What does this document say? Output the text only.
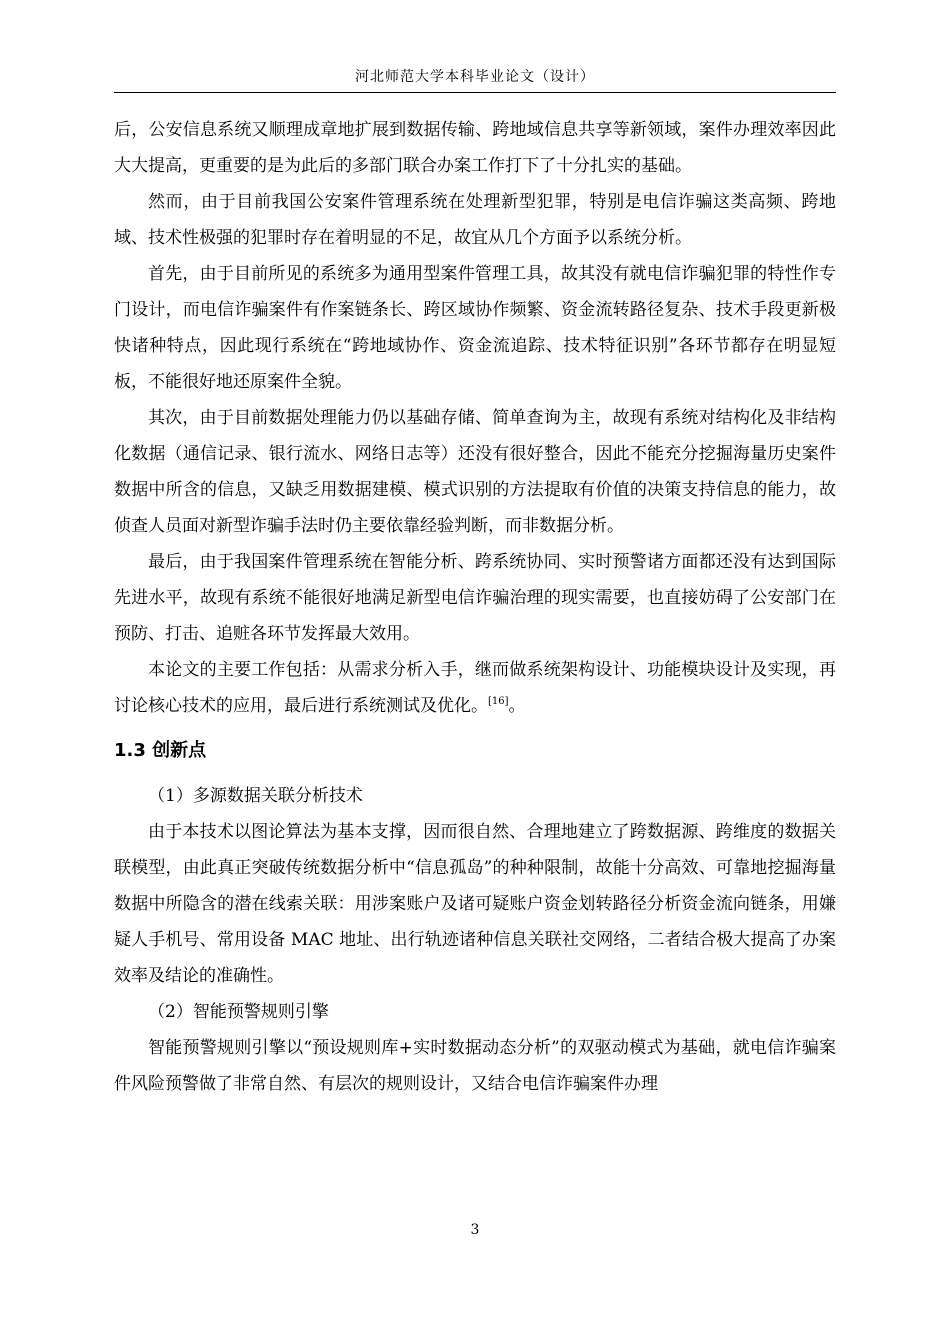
河北师范大学本科毕业论文（设计）

后，公安信息系统又顺理成章地扩展到数据传输、跨地域信息共享等新领域，案件办理效率因此大大提高，更重要的是为此后的多部门联合办案工作打下了十分扎实的基础。

然而，由于目前我国公安案件管理系统在处理新型犯罪，特别是电信诈骗这类高频、跨地域、技术性极强的犯罪时存在着明显的不足，故宜从几个方面予以系统分析。

首先，由于目前所见的系统多为通用型案件管理工具，故其没有就电信诈骗犯罪的特性作专门设计，而电信诈骗案件有作案链条长、跨区域协作频繁、资金流转路径复杂、技术手段更新极快诸种特点，因此现行系统在“跨地域协作、资金流追踪、技术特征识别”各环节都存在明显短板，不能很好地还原案件全貌。

其次，由于目前数据处理能力仍以基础存储、简单查询为主，故现有系统对结构化及非结构化数据（通信记录、银行流水、网络日志等）还没有很好整合，因此不能充分挖掘海量历史案件数据中所含的信息，又缺乏用数据建模、模式识别的方法提取有价值的决策支持信息的能力，故侦查人员面对新型诈骗手法时仍主要依靠经验判断，而非数据分析。

最后，由于我国案件管理系统在智能分析、跨系统协同、实时预警诸方面都还没有达到国际先进水平，故现有系统不能很好地满足新型电信诈骗治理的现实需要，也直接妨碍了公安部门在预防、打击、追赃各环节发挥最大效用。

本论文的主要工作包括：从需求分析入手，继而做系统架构设计、功能模块设计及实现，再讨论核心技术的应用，最后进行系统测试及优化。[16]。

1.3 创新点

（1）多源数据关联分析技术

由于本技术以图论算法为基本支撑，因而很自然、合理地建立了跨数据源、跨维度的数据关联模型，由此真正突破传统数据分析中“信息孤岛”的种种限制，故能十分高效、可靠地挖掘海量数据中所隐含的潜在线索关联：用涉案账户及诸可疑账户资金划转路径分析资金流向链条，用嫌疑人手机号、常用设备 MAC 地址、出行轨迹诸种信息关联社交网络，二者结合极大提高了办案效率及结论的准确性。

（2）智能预警规则引擎

智能预警规则引擎以“预设规则库+实时数据动态分析”的双驱动模式为基础，就电信诈骗案件风险预警做了非常自然、有层次的规则设计，又结合电信诈骗案件办理

3
